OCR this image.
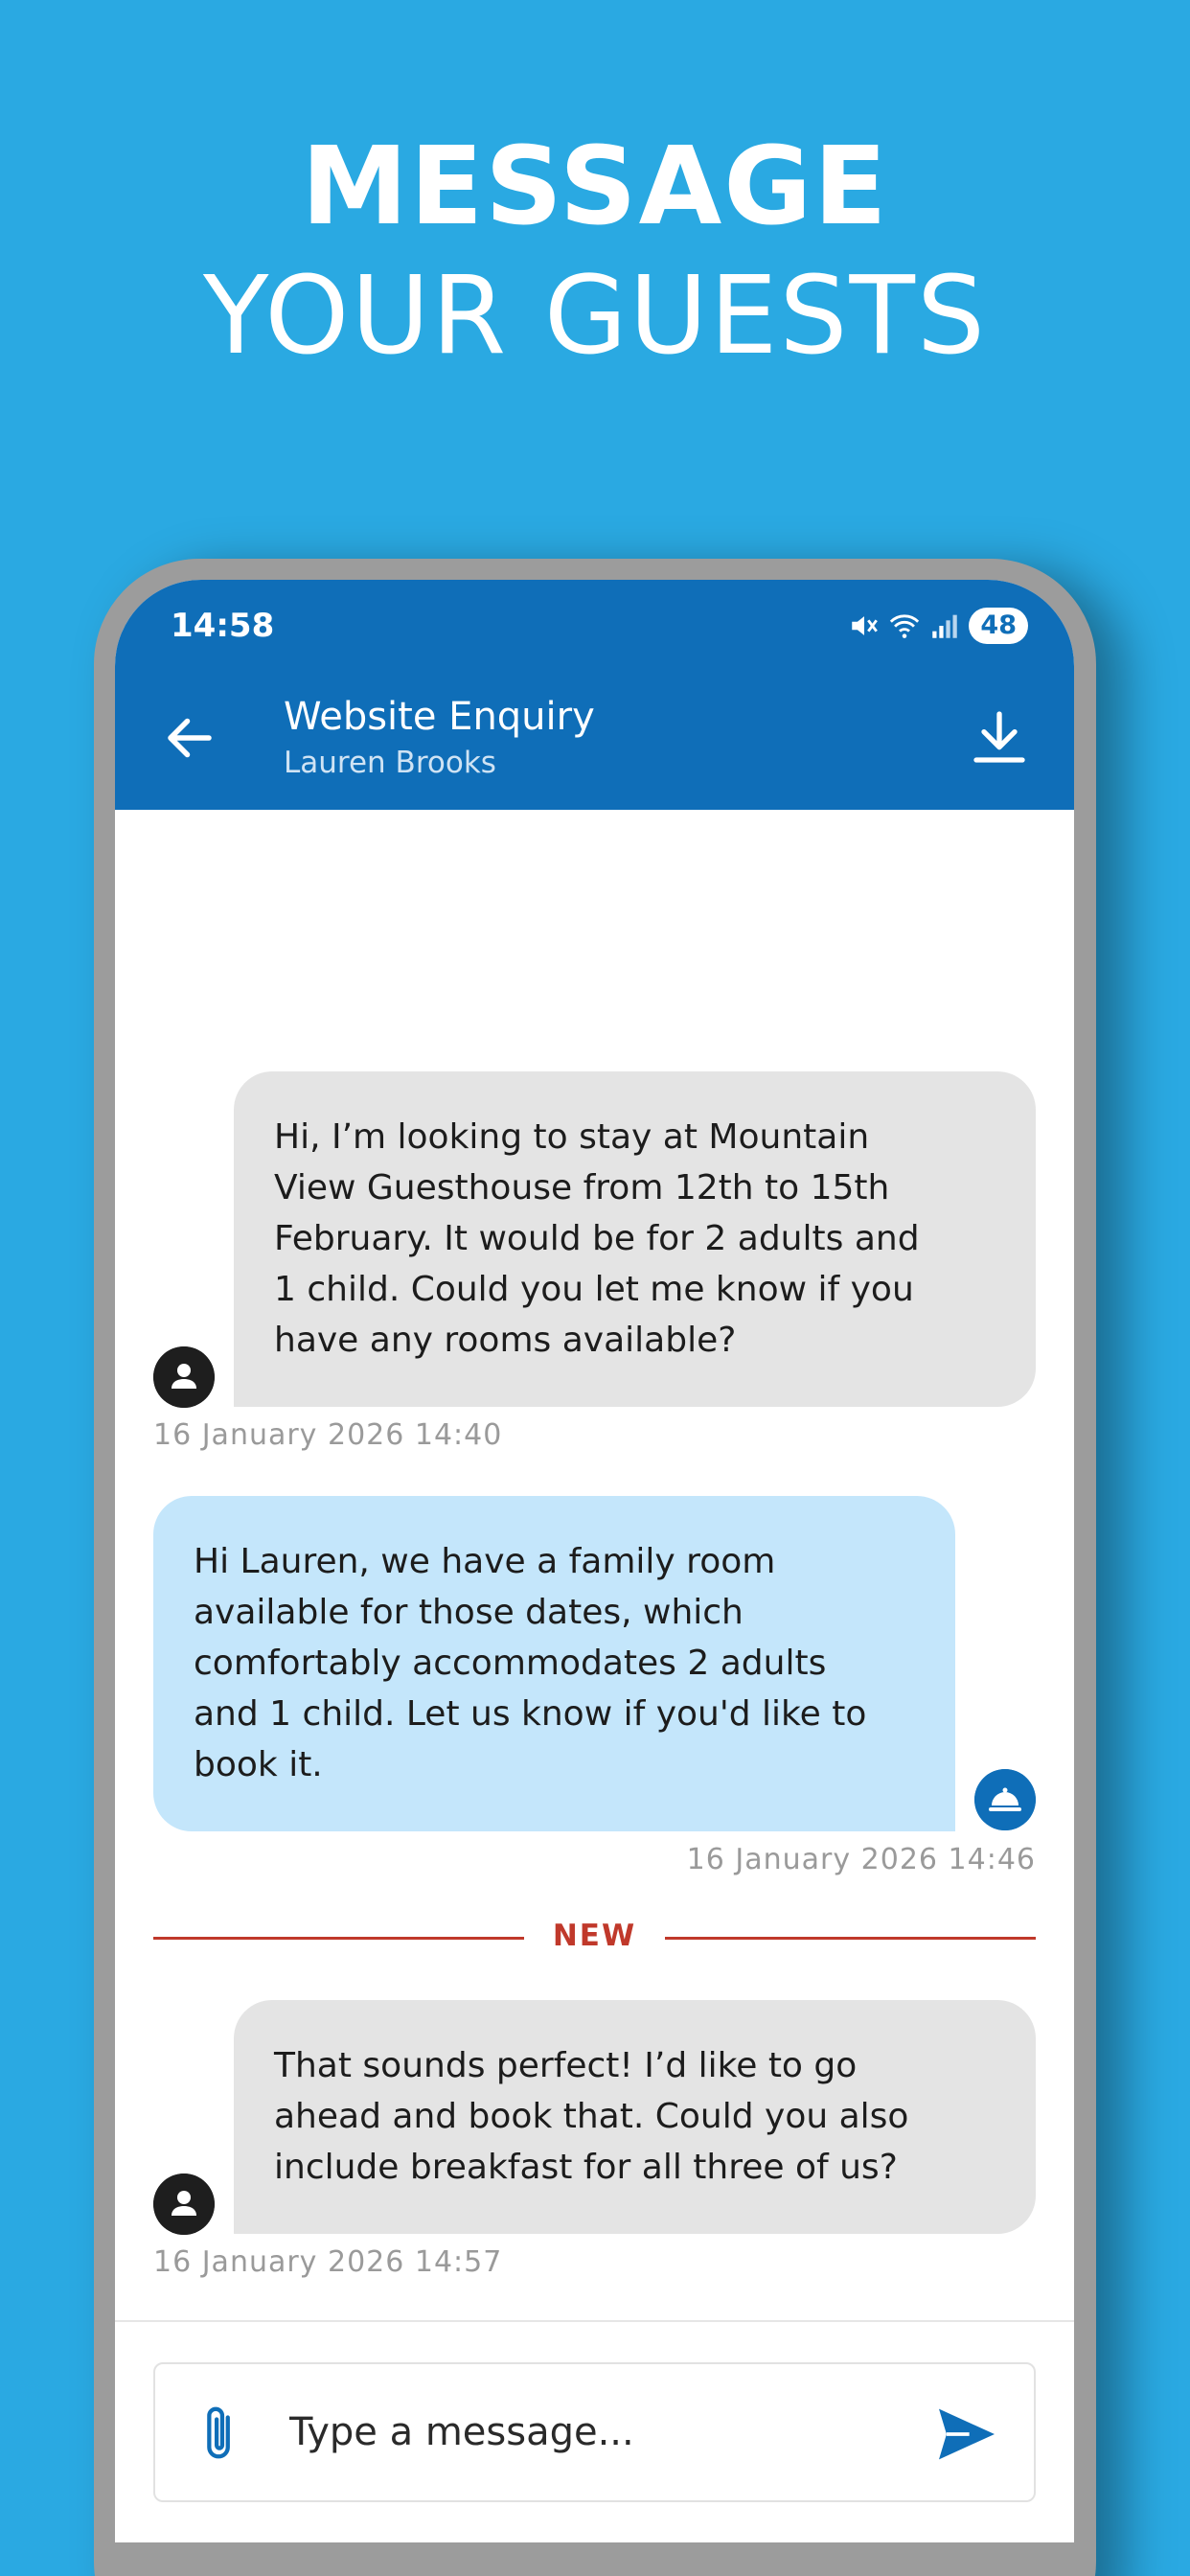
MESSAGE
YOUR GUESTS
14:58	48
Website Enquiry
Lauren Brooks
Hi, I’m looking to stay at Mountain
View Guesthouse from 12th to 15th
February. It would be for 2 adults and
1 child. Could you let me know if you
have any rooms available?
16 January 2026 14:40
Hi Lauren, we have a family room
available for those dates, which
comfortably accommodates 2 adults
and 1 child. Let us know if you'd like to
book it.
16 January 2026 14:46
NEW
That sounds perfect! I’d like to go
ahead and book that. Could you also
include breakfast for all three of us?
16 January 2026 14:57
Type a message...
